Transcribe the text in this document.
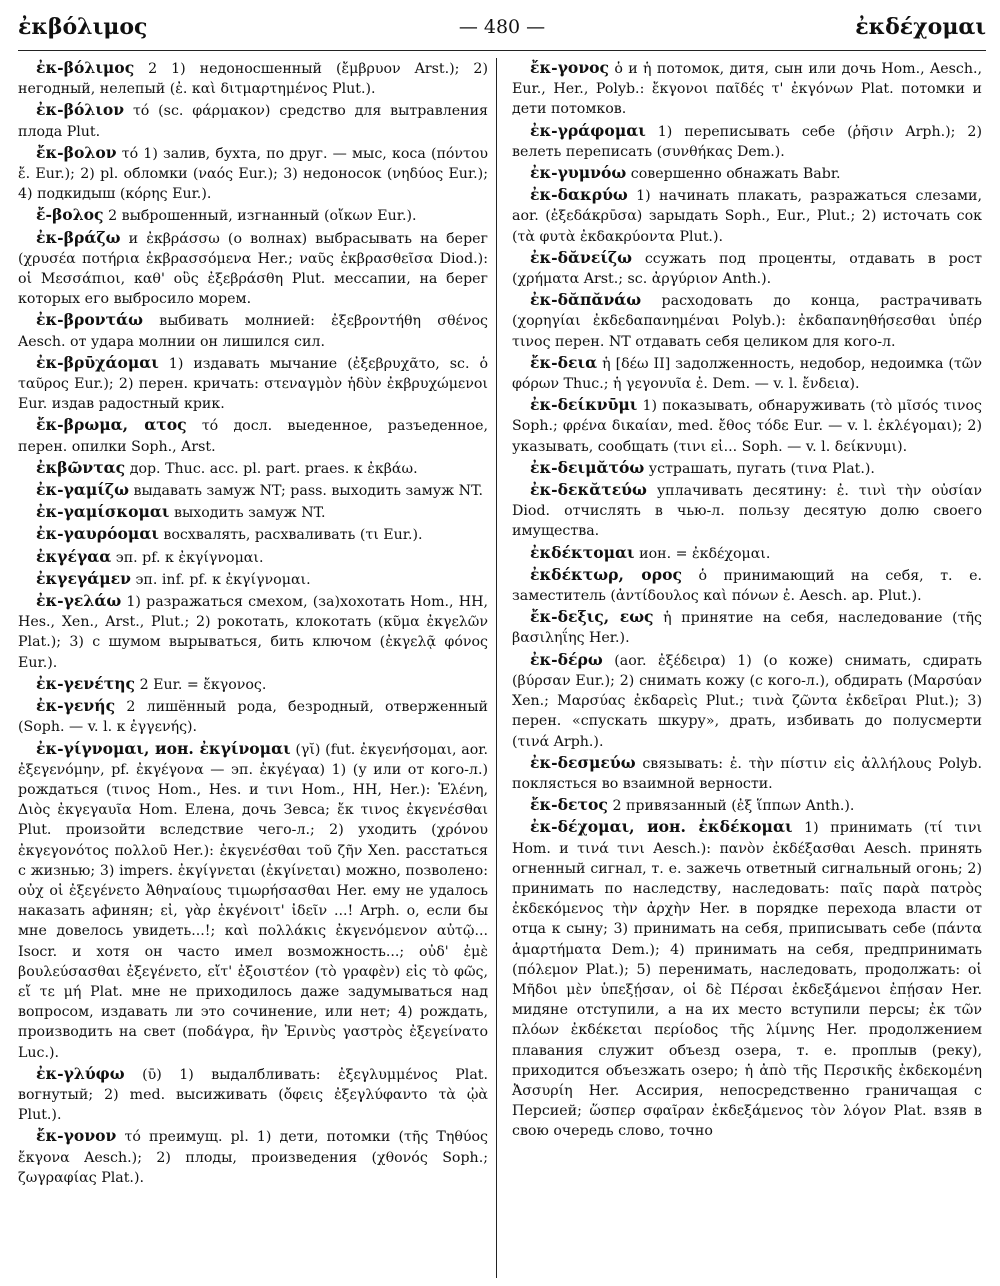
ἐκβόλιμος	— 480 —	ἐκδέχομαι

ἐκ-βόλιμος 2 1) недоносшенный (ἔμβρυον Arst.); 2) негодный, нелепый (ἐ. καὶ διτμαρτημένος Plut.).

ἐκ-βόλιον τό (sc. φάρμακον) средство для вытравления плода Plut.

ἔκ-βολον τό 1) залив, бухта, по друг. — мыс, коса (πόντου ἔ. Eur.); 2) pl. обломки (ναός Eur.); 3) недоносок (νηδύος Eur.); 4) подкидыш (κόρης Eur.).

ἔ-βολος 2 выброшенный, изгнанный (οἴκων Eur.).

ἐκ-βράζω и ἐκβράσσω (о волнах) выбрасывать на берег (χρυσέα ποτήρια ἐκβρασσόμενα Her.; ναῦς ἐκβρασθεῖσα Diod.): οἱ Μεσσάπιοι, καθ' οὓς ἐξεβράσθη Plut. мессапии, на берег которых его выбросило морем.

ἐκ-βροντάω выбивать молнией: ἐξεβροντήθη σθένος Aesch. от удара молнии он лишился сил.

ἐκ-βρῡχάομαι 1) издавать мычание (ἐξεβρυχᾶτο, sc. ὁ ταῦρος Eur.); 2) перен. кричать: στεναγμὸν ἡδὺν ἐκβρυχώμενοι Eur. издав радостный крик.

ἔκ-βρωμα, ατος τό досл. выеденное, разъеденное, перен. опилки Soph., Arst.

ἐκβῶντας дор. Thuc. acc. pl. part. praes. к ἐκβάω.

ἐκ-γαμίζω выдавать замуж NT; pass. выходить замуж NT.

ἐκ-γαμίσκομαι выходить замуж NT.

ἐκ-γαυρόομαι восхвалять, расхваливать (τι Eur.).

ἐκγέγαα эп. pf. к ἐκγίγνομαι.

ἐκγεγάμεν эп. inf. pf. к ἐκγίγνομαι.

ἐκ-γελάω 1) разражаться смехом, (за)хохотать Hom., HH, Hes., Xen., Arst., Plut.; 2) рокотать, клокотать (κῦμα ἐκγελῶν Plat.); 3) с шумом вырываться, бить ключом (ἐκγελᾷ φόνος Eur.).

ἐκ-γενέτης 2 Eur. = ἔκγονος.

ἐκ-γενής 2 лишённый рода, безродный, отверженный (Soph. — v. l. к ἐγγενής).

ἐκ-γίγνομαι, ион. ἐκγίνομαι (γῐ) (fut. ἐκγενήσομαι, aor. ἐξεγενόμην, pf. ἐκγέγονα — эп. ἐκγέγαα) 1) (у или от кого-л.) рождаться (τινος Hom., Hes. и τινι Hom., HH, Her.): Ἑλένη, Διὸς ἐκγεγαυῖα Hom. Елена, дочь Зевса; ἔκ τινος ἐκγενέσθαι Plut. произойти вследствие чего-л.; 2) уходить (χρόνου ἐκγεγονότος πολλοῦ Her.): ἐκγενέσθαι τοῦ ζῆν Xen. расстаться с жизнью; 3) impers. ἐκγίγνεται (ἐκγίνεται) можно, позволено: οὐχ οἱ ἐξεγένετο Ἀθηναίους τιμωρήσασθαι Her. ему не удалось наказать афинян; εἰ, γὰρ ἐκγένοιτ' ἰδεῖν ...! Arph. о, если бы мне довелось увидеть...!; καὶ πολλάκις ἐκγενόμενον αὐτῷ... Isocr. и хотя он часто имел возможность...; οὐδ' ἐμὲ βουλεύσασθαι ἐξεγένετο, εἴτ' ἐξοιστέον (τὸ γραφὲν) εἰς τὸ φῶς, εἴ τε μή Plat. мне не приходилось даже задумываться над вопросом, издавать ли это сочинение, или нет; 4) рождать, производить на свет (ποδάγρα, ἣν Ἐρινὺς γαστρὸς ἐξεγείνατο Luc.).

ἐκ-γλύφω (ῡ) 1) выдалбливать: ἐξεγλυμμένος Plat. вогнутый; 2) med. высиживать (ὄφεις ἐξεγλύφαντο τὰ ᾠὰ Plut.).

ἔκ-γονον τό преимущ. pl. 1) дети, потомки (τῆς Τηθύος ἔκγονα Aesch.); 2) плоды, произведения (χθονός Soph.; ζωγραφίας Plat.).

ἔκ-γονος ὁ и ἡ потомок, дитя, сын или дочь Hom., Aesch., Eur., Her., Polyb.: ἔκγονοι παῖδές τ' ἐκγόνων Plat. потомки и дети потомков.

ἐκ-γράφομαι 1) переписывать себе (ῥῆσιν Arph.); 2) велеть переписать (συνθήκας Dem.).

ἐκ-γυμνόω совершенно обнажать Babr.

ἐκ-δακρύω 1) начинать плакать, разражаться слезами, aor. (ἐξεδάκρῡσα) зарыдать Soph., Eur., Plut.; 2) источать сок (τὰ φυτὰ ἐκδακρύοντα Plut.).

ἐκ-δᾰνείζω ссужать под проценты, отдавать в рост (χρήματα Arst.; sc. ἀργύριον Anth.).

ἐκ-δᾰπᾰνάω расходовать до конца, растрачивать (χορηγίαι ἐκδεδαπανημέναι Polyb.): ἐκδαπανηθήσεσθαι ὑπέρ τινος перен. NT отдавать себя целиком для кого-л.

ἔκ-δεια ἡ [δέω II] задолженность, недобор, недоимка (τῶν φόρων Thuc.; ἡ γεγονυῖα ἐ. Dem. — v. l. ἔνδεια).

ἐκ-δείκνῡμι 1) показывать, обнаруживать (τὸ μῖσός τινος Soph.; φρένα δικαίαν, med. ἔθος τόδε Eur. — v. l. ἐκλέγομαι); 2) указывать, сообщать (τινι εἰ... Soph. — v. l. δείκνυμι).

ἐκ-δειμᾰτόω устрашать, пугать (τινα Plat.).

ἐκ-δεκᾰτεύω уплачивать десятину: ἐ. τινὶ τὴν οὐσίαν Diod. отчислять в чью-л. пользу десятую долю своего имущества.

ἐκδέκτομαι ион. = ἐκδέχομαι.

ἐκδέκτωρ, ορος ὁ принимающий на себя, т. е. заместитель (ἀντίδουλος καὶ πόνων ἐ. Aesch. ap. Plut.).

ἔκ-δεξις, εως ἡ принятие на себя, наследование (τῆς βασιληΐης Her.).

ἐκ-δέρω (aor. ἐξέδειρα) 1) (о коже) снимать, сдирать (βύρσαν Eur.); 2) снимать кожу (с кого-л.), обдирать (Μαρσύαν Xen.; Μαρσύας ἐκδαρεὶς Plut.; τινὰ ζῶντα ἐκδεῖραι Plut.); 3) перен. «спускать шкуру», драть, избивать до полусмерти (τινά Arph.).

ἐκ-δεσμεύω связывать: ἐ. τὴν πίστιν εἰς ἀλλήλους Polyb. поклясться во взаимной верности.

ἔκ-δετος 2 привязанный (ἐξ ἵππων Anth.).

ἐκ-δέχομαι, ион. ἐκδέκομαι 1) принимать (τί τινι Hom. и τινά τινι Aesch.): πανὸν ἐκδέξασθαι Aesch. принять огненный сигнал, т. е. зажечь ответный сигнальный огонь; 2) принимать по наследству, наследовать: παῖς παρὰ πατρὸς ἐκδεκόμενος τὴν ἀρχὴν Her. в порядке перехода власти от отца к сыну; 3) принимать на себя, приписывать себе (πάντα ἁμαρτήματα Dem.); 4) принимать на себя, предпринимать (πόλεμον Plat.); 5) перенимать, наследовать, продолжать: οἱ Μῆδοι μὲν ὑπεξῄσαν, οἱ δὲ Πέρσαι ἐκδεξάμενοι ἐπῄσαν Her. мидяне отступили, а на их место вступили персы; ἐκ τῶν πλόων ἐκδέκεται περίοδος τῆς λίμνης Her. продолжением плавания служит объезд озера, т. е. проплыв (реку), приходится объезжать озеро; ἡ ἀπὸ τῆς Περσικῆς ἐκδεκομένη Ἀσσυρίη Her. Ассирия, непосредственно граничащая с Персией; ὥσπερ σφαῖραν ἐκδεξάμενος τὸν λόγον Plat. взяв в свою очередь слово, точно
